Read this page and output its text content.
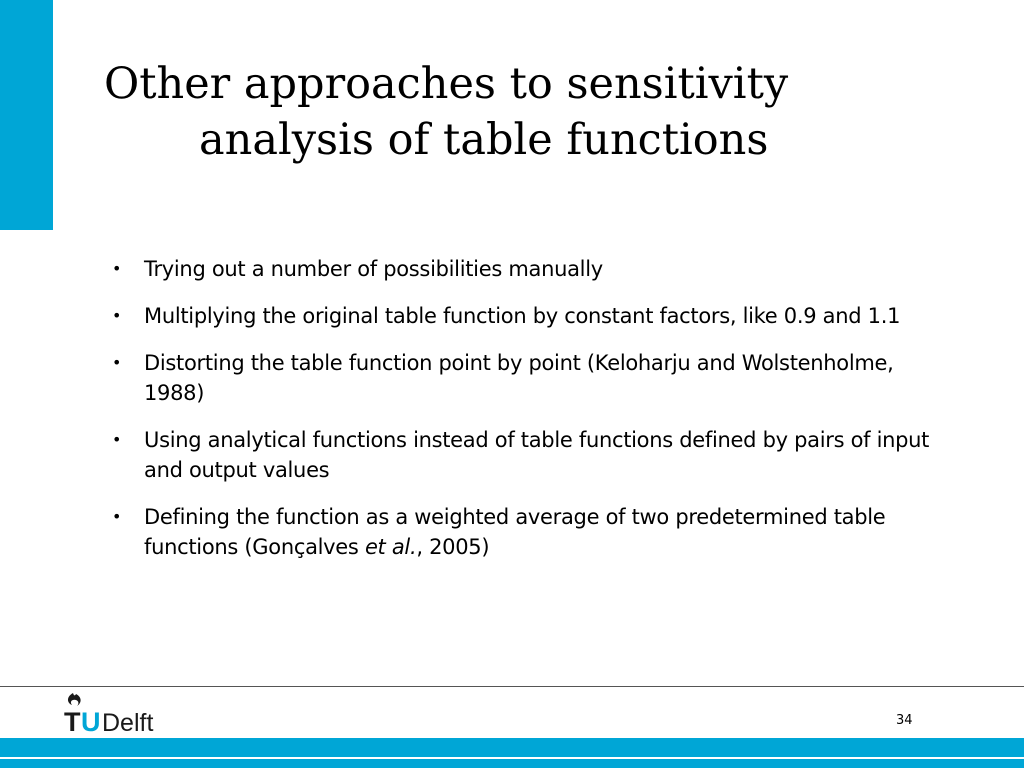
Other approaches to sensitivity
analysis of table functions
• Trying out a number of possibilities manually
• Multiplying the original table function by constant factors, like 0.9 and 1.1
• Distorting the table function point by point (Keloharju and Wolstenholme, 1988)
• Using analytical functions instead of table functions defined by pairs of input and output values
• Defining the function as a weighted average of two predetermined table functions (Gonçalves et al., 2005)
T U Delft	34
